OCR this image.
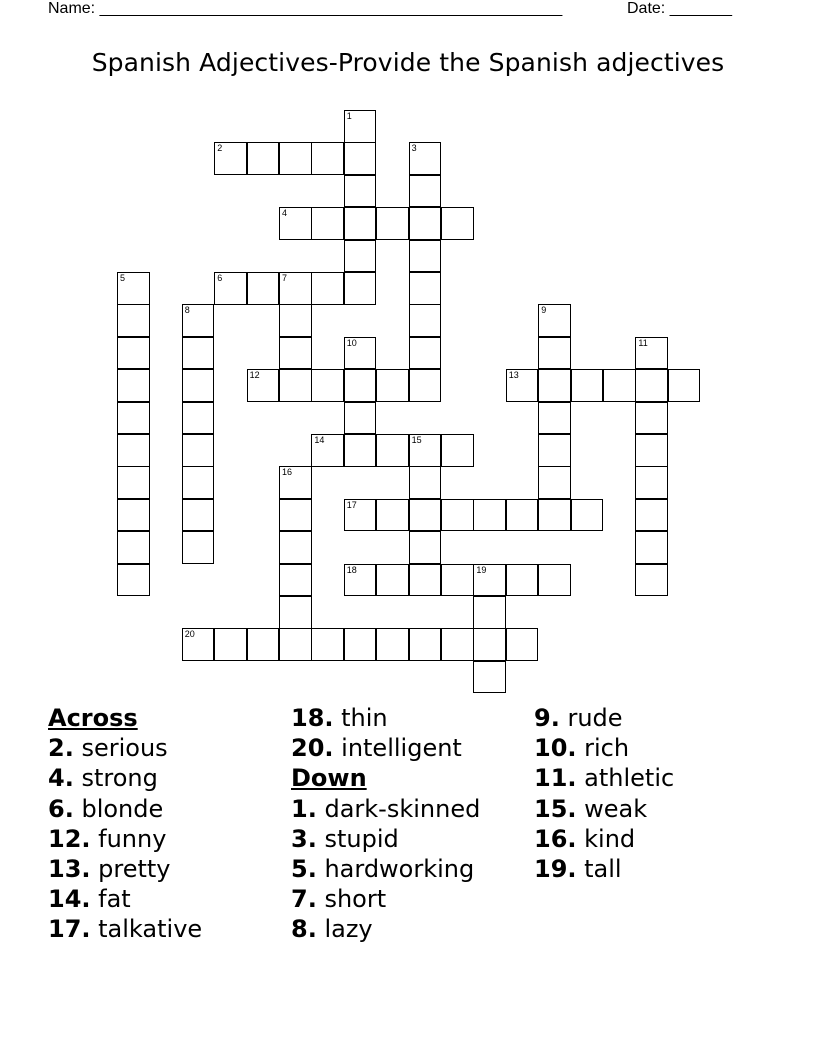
Name: ____________________________________________________	Date: _______
Spanish Adjectives-Provide the Spanish adjectives
1
2	3
4
5	6	7
8	9
10	11
12	13
14	15
16
17
18	19
20
Across
2. serious
4. strong
6. blonde
12. funny
13. pretty
14. fat
17. talkative
18. thin
20. intelligent
Down
1. dark-skinned
3. stupid
5. hardworking
7. short
8. lazy
9. rude
10. rich
11. athletic
15. weak
16. kind
19. tall
